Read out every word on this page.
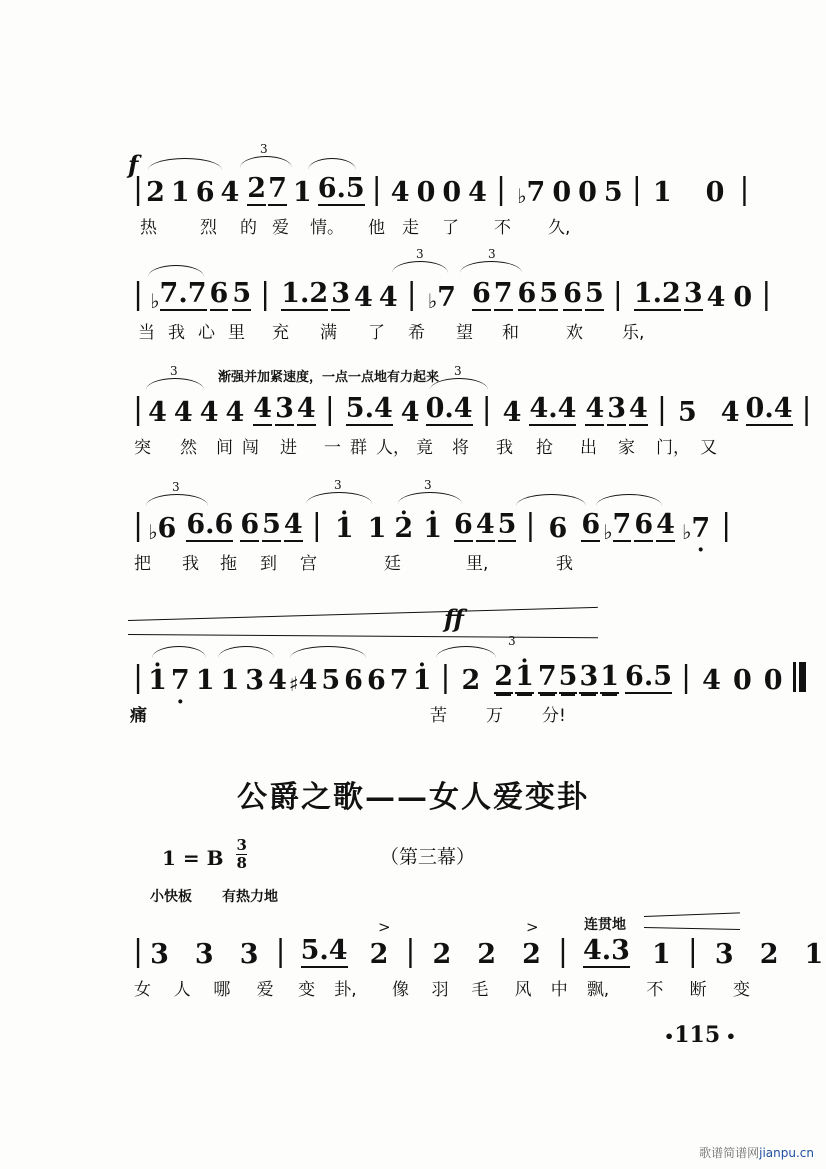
f
3
| 2 1 6 4 2 7 1 6.5 | 4 0 0 4 | ♭ 7 0 0 5 | 1 0 |
热	烈	的 爱	情。	他	走	了	不	久,
3	3
| ♭ 7.7 6 5 | 1.2 3 4 4 | ♭ 7 6 7 6 5 6 5 | 1.2 3 4 0 |
当 我 心 里	充	满	了	希	望	和	欢	乐,
渐强并加紧速度，一点一点地有力起来
3	3
| 4 4 4 4 4 3 4 | 5.4 4 0.4 | 4 4.4 4 3 4 | 5 4 0.4 |
突	然	间 闯	进	一 群 人， 竟	将	我	抢	出	家	门， 又
3	3	3
| ♭ 6 6.6 6 5 4 | 1 · 1 2 · 1 · 6 4 5 | 6 6 ♭ 7 6 4 ♭ 7 · |
把	我	拖	到	宫	廷	里,	我
ff
3
| 1 · 7 · 1 1 3 4 ♯ 4 5 6 6 7 1 · | 2 2 1 · 7 5 3 1 6.5 | 4 0 0
痛	苦	万	分!
公爵之歌——女人爱变卦
1 = B $\frac{3}{8}$	（第三幕）
小快板 有热力地
连贯地
>	>
| 3 3 3 | 5.4 2 | 2 2 2 | 4.3 1 | 3 2 1
女	人	哪	爱	变	卦,	像	羽	毛	风	中	飘,	不	断	变
•115 •
歌谱简谱网jianpu.cn
